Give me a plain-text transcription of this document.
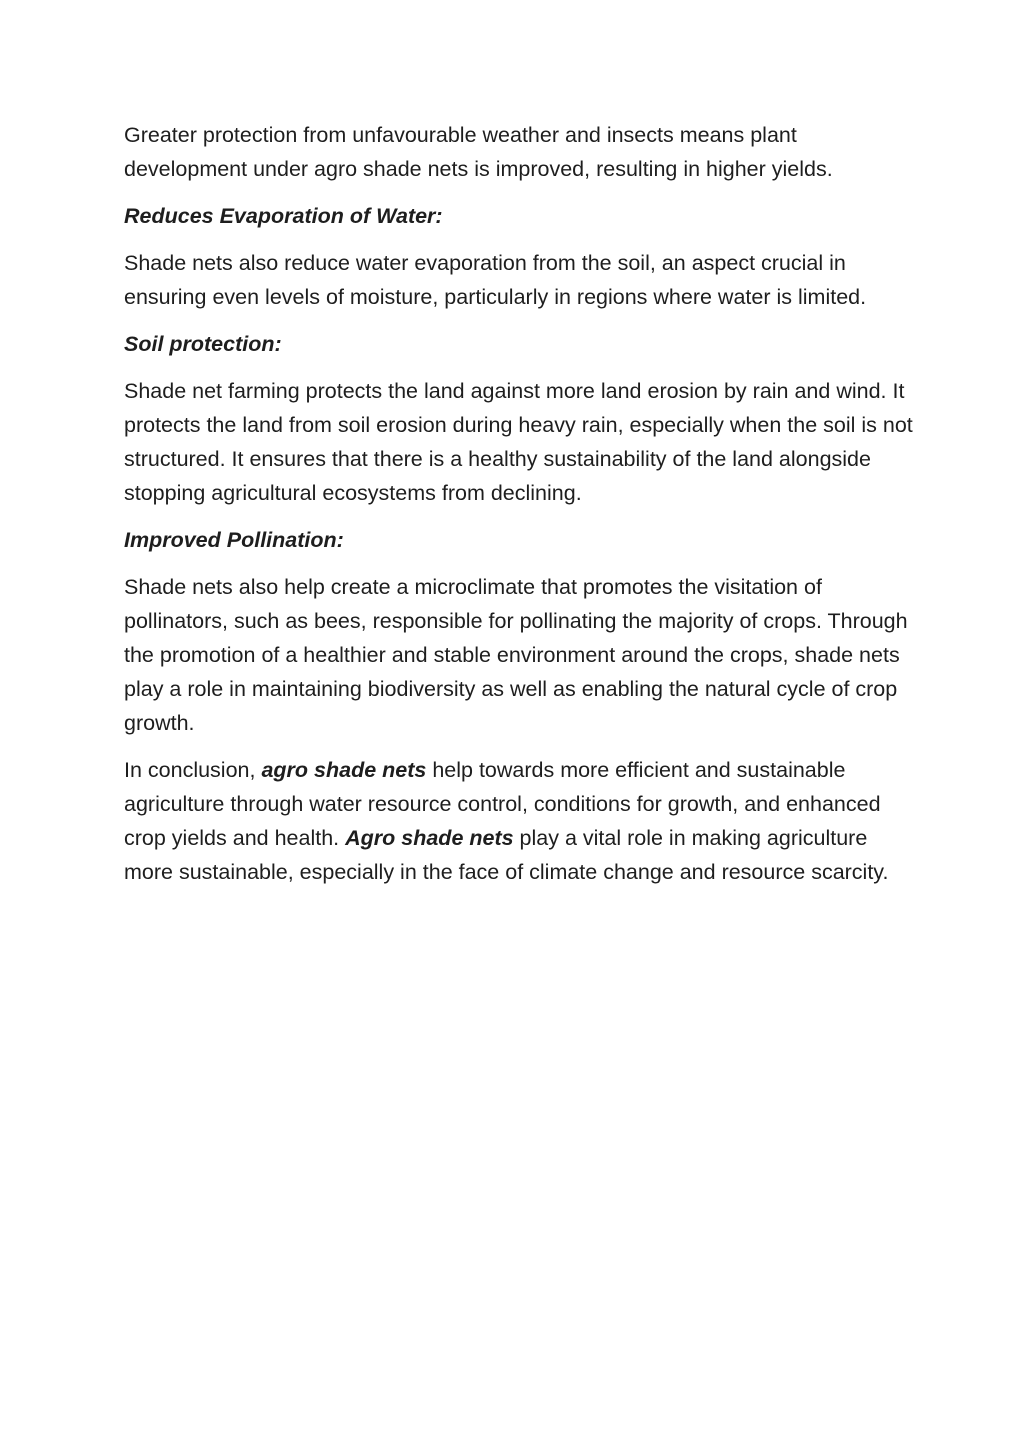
Greater protection from unfavourable weather and insects means plant development under agro shade nets is improved, resulting in higher yields.

Reduces Evaporation of Water:

Shade nets also reduce water evaporation from the soil, an aspect crucial in ensuring even levels of moisture, particularly in regions where water is limited.

Soil protection:

Shade net farming protects the land against more land erosion by rain and wind. It protects the land from soil erosion during heavy rain, especially when the soil is not structured. It ensures that there is a healthy sustainability of the land alongside stopping agricultural ecosystems from declining.

Improved Pollination:

Shade nets also help create a microclimate that promotes the visitation of pollinators, such as bees, responsible for pollinating the majority of crops. Through the promotion of a healthier and stable environment around the crops, shade nets play a role in maintaining biodiversity as well as enabling the natural cycle of crop growth.

In conclusion, agro shade nets help towards more efficient and sustainable agriculture through water resource control, conditions for growth, and enhanced crop yields and health. Agro shade nets play a vital role in making agriculture more sustainable, especially in the face of climate change and resource scarcity.
